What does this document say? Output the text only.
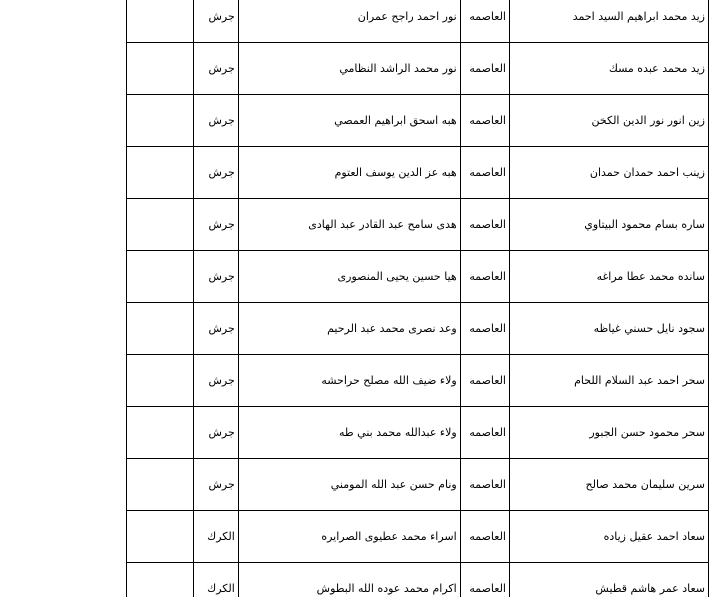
	جرش	نور احمد راجح عمران	العاصمه	زيد محمد ابراهيم السيد احمد
	جرش	نور محمد الراشد النظامي	العاصمه	زيد محمد عبده مسك
	جرش	هبه اسحق ابراهيم العمصي	العاصمه	زين انور نور الدين الكخن
	جرش	هبه عز الدين يوسف العتوم	العاصمه	زينب احمد حمدان حمدان
	جرش	هدى سامح عبد القادر عبد الهادى	العاصمه	ساره بسام محمود البيتاوي
	جرش	هيا حسين يحيى المنصورى	العاصمه	سانده محمد عطا مراغه
	جرش	وعد نصرى محمد عبد الرحيم	العاصمه	سجود نايل حسني غياظه
	جرش	ولاء ضيف الله مصلح حراحشه	العاصمه	سحر احمد عبد السلام اللحام
	جرش	ولاء عبدالله محمد بني طه	العاصمه	سحر محمود حسن الجبور
	جرش	ونام حسن عبد الله المومني	العاصمه	سرين سليمان محمد صالح
	الكرك	اسراء محمد عطيوى الصرايره	العاصمه	سعاد احمد عقيل زياده
	الكرك	اكرام محمد عوده الله البطوش	العاصمه	سعاد عمر هاشم قطيش
